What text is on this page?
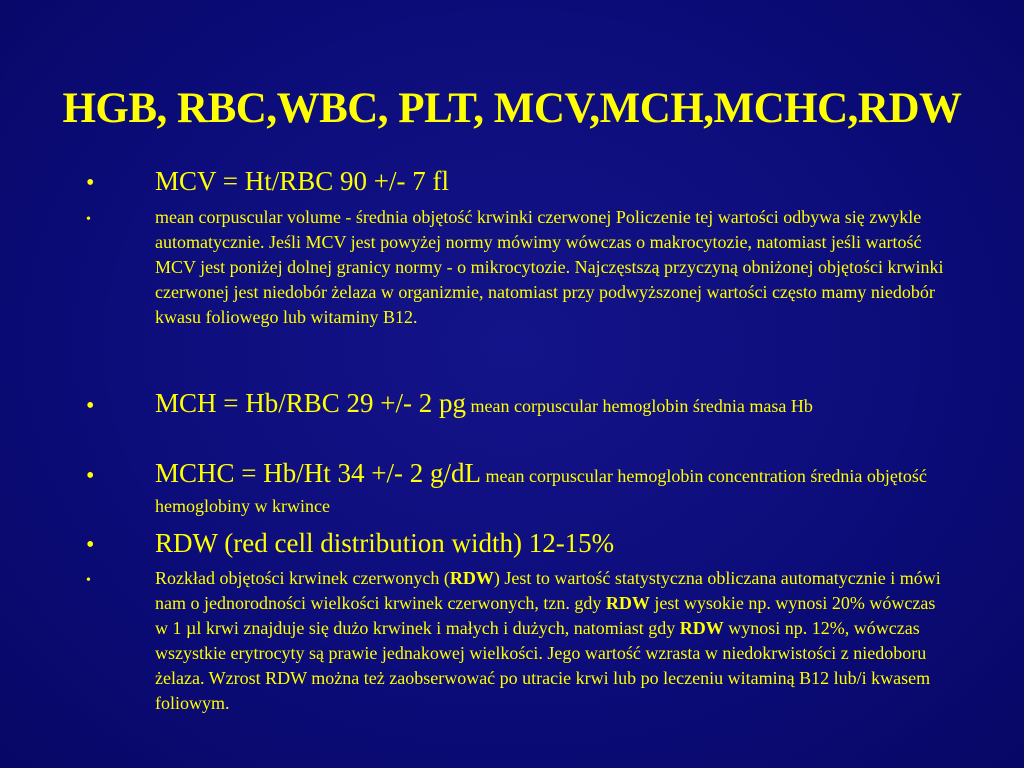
HGB, RBC,WBC, PLT, MCV,MCH,MCHC,RDW
• MCV = Ht/RBC 90 +/- 7 fl
•	mean corpuscular volume - średnia objętość krwinki czerwonej Policzenie tej wartości odbywa się zwykle automatycznie. Jeśli MCV jest powyżej normy mówimy wówczas o makrocytozie, natomiast jeśli wartość MCV jest poniżej dolnej granicy normy - o mikrocytozie. Najczęstszą przyczyną obniżonej objętości krwinki czerwonej jest niedobór żelaza w organizmie, natomiast przy podwyższonej wartości często mamy niedobór kwasu foliowego lub witaminy B12.
• MCH = Hb/RBC 29 +/- 2 pg mean corpuscular hemoglobin średnia masa Hb
• MCHC = Hb/Ht 34 +/- 2 g/dL mean corpuscular hemoglobin concentration średnia objętość hemoglobiny w krwince
• RDW (red cell distribution width) 12-15%
•	Rozkład objętości krwinek czerwonych (RDW) Jest to wartość statystyczna obliczana automatycznie i mówi nam o jednorodności wielkości krwinek czerwonych, tzn. gdy RDW jest wysokie np. wynosi 20% wówczas w 1 µl krwi znajduje się dużo krwinek i małych i dużych, natomiast gdy RDW wynosi np. 12%, wówczas wszystkie erytrocyty są prawie jednakowej wielkości. Jego wartość wzrasta w niedokrwistości z niedoboru żelaza. Wzrost RDW można też zaobserwować po utracie krwi lub po leczeniu witaminą B12 lub/i kwasem foliowym.
